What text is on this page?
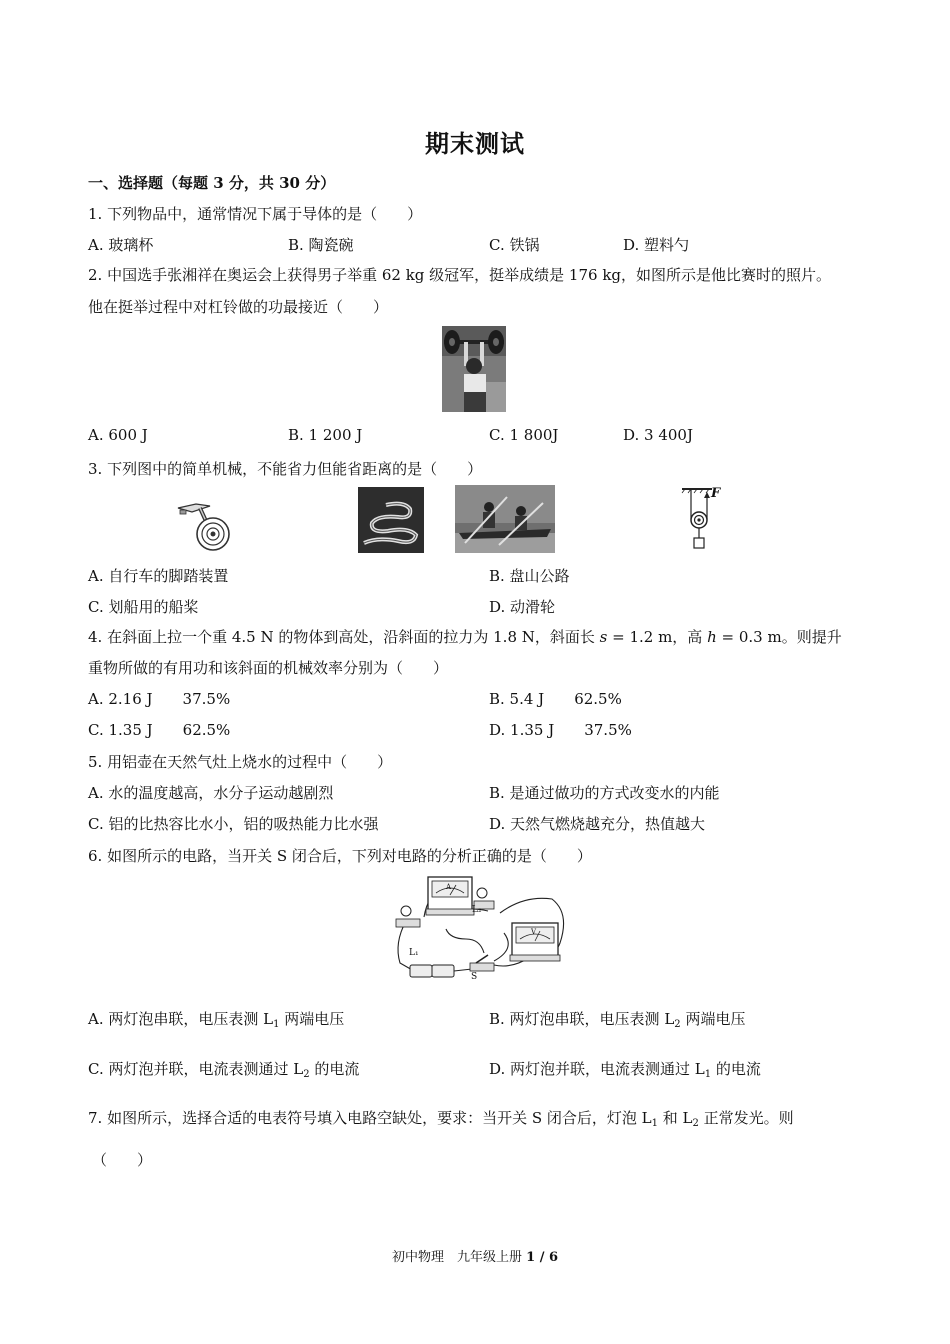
期末测试
一、选择题（每题 3 分，共 30 分）
1. 下列物品中，通常情况下属于导体的是（　　）
A. 玻璃杯	B. 陶瓷碗	C. 铁锅	D. 塑料勺
2. 中国选手张湘祥在奥运会上获得男子举重 62 kg 级冠军，挺举成绩是 176 kg，如图所示是他比赛时的照片。
他在挺举过程中对杠铃做的功最接近（　　）
A. 600 J	B. 1 200 J	C. 1 800J	D. 3 400J
3. 下列图中的简单机械，不能省力但能省距离的是（　　）
F
A. 自行车的脚踏装置	B. 盘山公路
C. 划船用的船桨	D. 动滑轮
4. 在斜面上拉一个重 4.5 N 的物体到高处，沿斜面的拉力为 1.8 N，斜面长 s = 1.2 m，高 h = 0.3 m。则提升
重物所做的有用功和该斜面的机械效率分别为（　　）
A. 2.16 J　　37.5%	B. 5.4 J　　62.5%
C. 1.35 J　　62.5%	D. 1.35 J　　37.5%
5. 用铝壶在天然气灶上烧水的过程中（　　）
A. 水的温度越高，水分子运动越剧烈	B. 是通过做功的方式改变水的内能
C. 铝的比热容比水小，铝的吸热能力比水强	D. 天然气燃烧越充分，热值越大
6. 如图所示的电路，当开关 S 闭合后，下列对电路的分析正确的是（　　）
L₂
L₁
S
A
V
A. 两灯泡串联，电压表测 $L_1$ 两端电压	B. 两灯泡串联，电压表测 $L_2$ 两端电压
C. 两灯泡并联，电流表测通过 $L_2$ 的电流	D. 两灯泡并联，电流表测通过 $L_1$ 的电流
7. 如图所示，选择合适的电表符号填入电路空缺处，要求：当开关 S 闭合后，灯泡 $L_1$ 和 $L_2$ 正常发光。则
（　　）
初中物理　九年级上册 1 / 6
